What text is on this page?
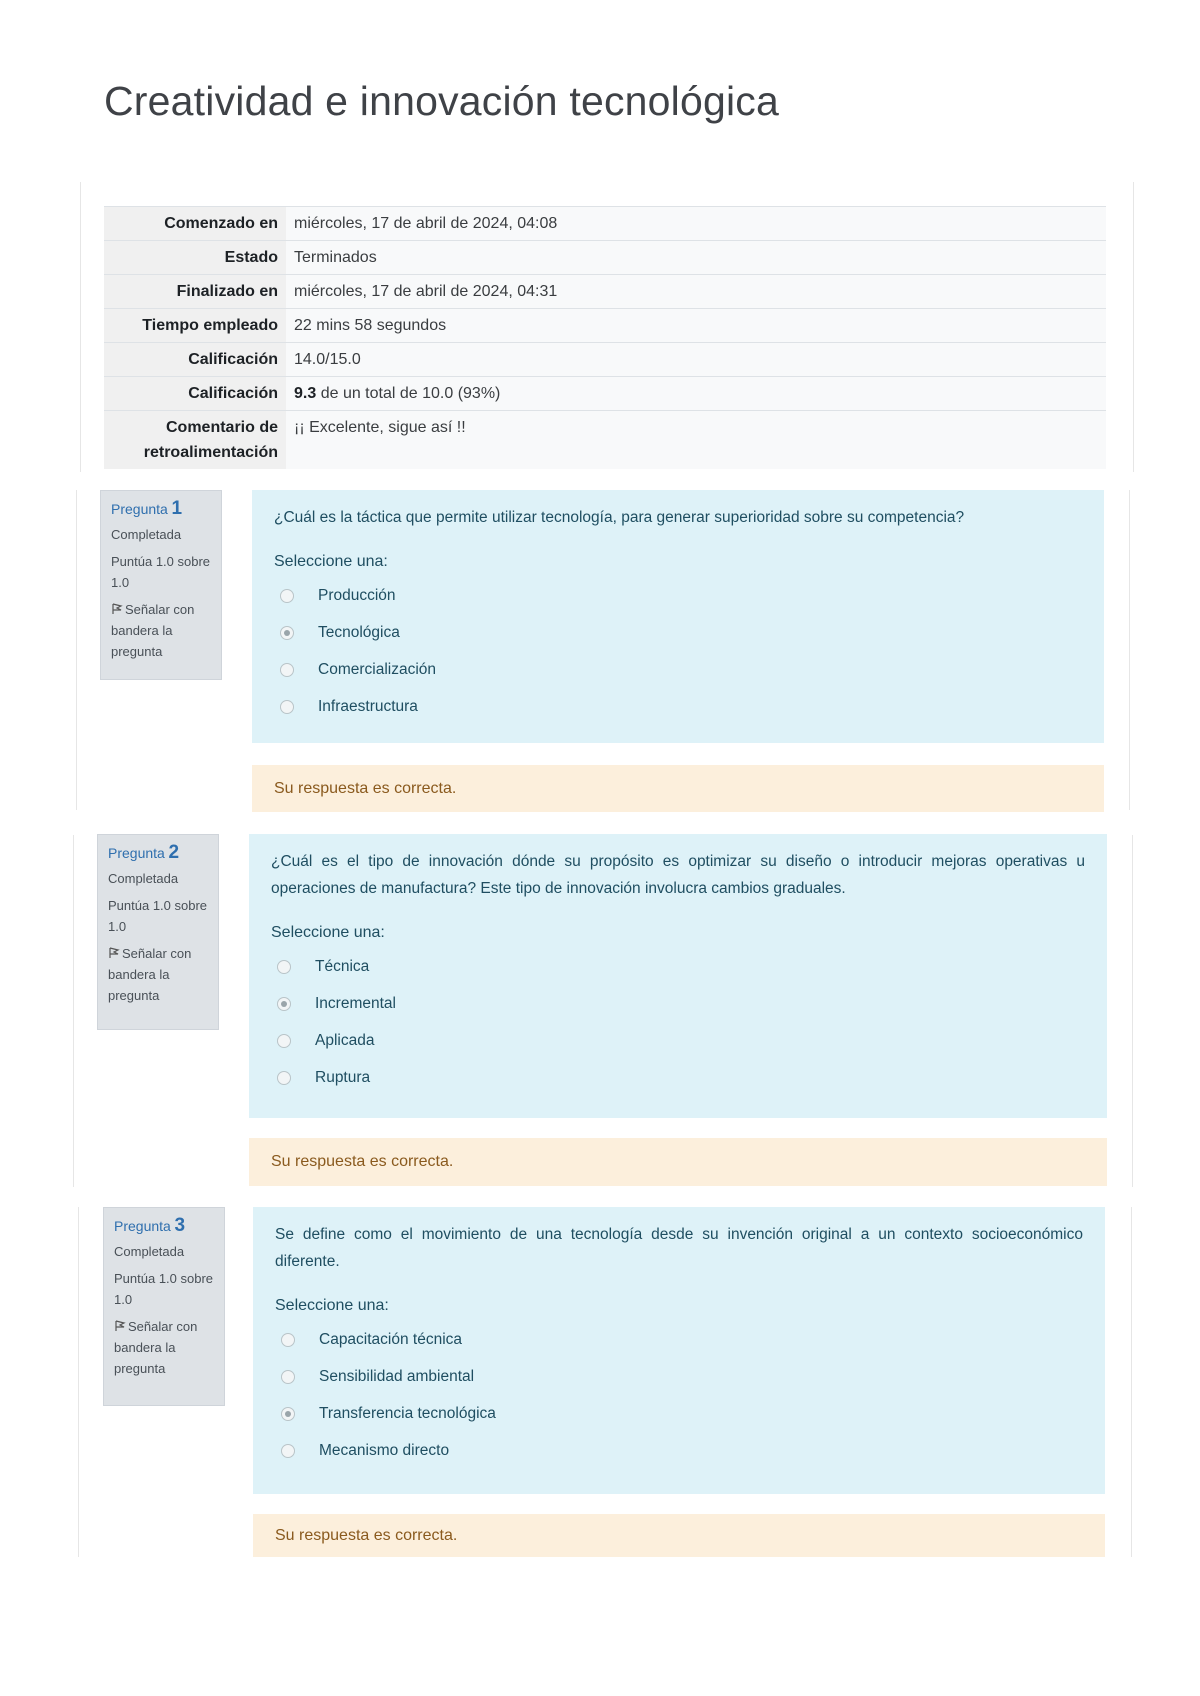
Creatividad e innovación tecnológica
Comenzado en	miércoles, 17 de abril de 2024, 04:08
Estado	Terminados
Finalizado en	miércoles, 17 de abril de 2024, 04:31
Tiempo empleado	22 mins 58 segundos
Calificación	14.0/15.0
Calificación	9.3 de un total de 10.0 (93%)
Comentario de retroalimentación	¡¡ Excelente, sigue así !!
Pregunta 1
Completada
Puntúa 1.0 sobre 1.0
Señalar con bandera la pregunta
¿Cuál es la táctica que permite utilizar tecnología, para generar superioridad sobre su competencia?
Seleccione una:
Producción
Tecnológica
Comercialización
Infraestructura
Su respuesta es correcta.
Pregunta 2
Completada
Puntúa 1.0 sobre 1.0
Señalar con bandera la pregunta
¿Cuál es el tipo de innovación dónde su propósito es optimizar su diseño o introducir mejoras operativas u operaciones de manufactura? Este tipo de innovación involucra cambios graduales.
Seleccione una:
Técnica
Incremental
Aplicada
Ruptura
Su respuesta es correcta.
Pregunta 3
Completada
Puntúa 1.0 sobre 1.0
Señalar con bandera la pregunta
Se define como el movimiento de una tecnología desde su invención original a un contexto socioeconómico diferente.
Seleccione una:
Capacitación técnica
Sensibilidad ambiental
Transferencia tecnológica
Mecanismo directo
Su respuesta es correcta.
